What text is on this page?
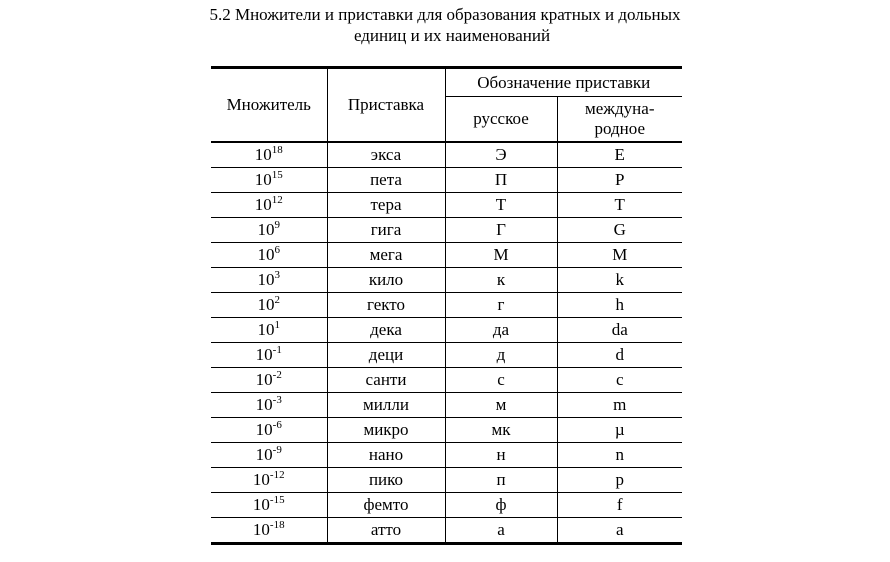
5.2 Множители и приставки для образования кратных и дольных
единиц и их наименований
Множитель	Приставка	Обозначение приставки	
		русское	междуна-
родное

$10^{18}$	экса	Э	E
$10^{15}$	пета	П	P
$10^{12}$	тера	Т	T
$10^9$	гига	Г	G
$10^6$	мега	М	M
$10^3$	кило	к	k
$10^2$	гекто	г	h
$10^1$	дека	да	da
$10^{-1}$	деци	д	d
$10^{-2}$	санти	с	c
$10^{-3}$	милли	м	m
$10^{-6}$	микро	мк	µ
$10^{-9}$	нано	н	n
$10^{-12}$	пико	п	p
$10^{-15}$	фемто	ф	f
$10^{-18}$	атто	а	a
